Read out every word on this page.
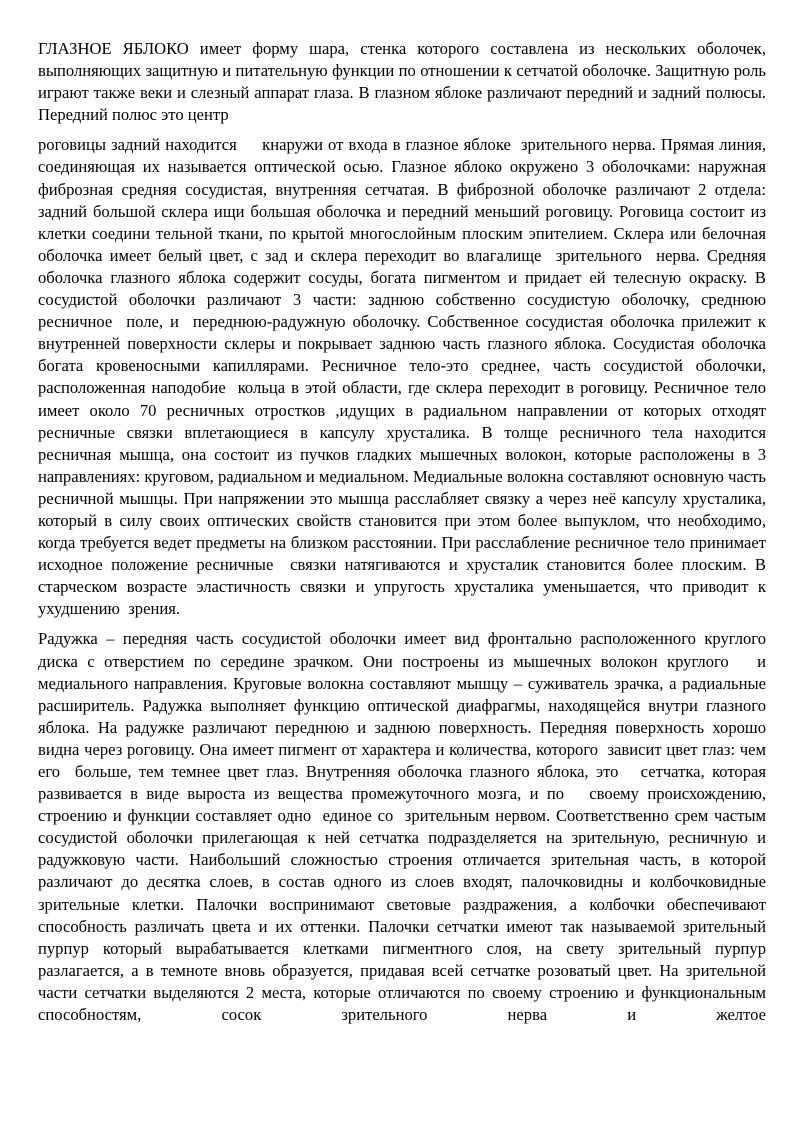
ГЛАЗНОЕ ЯБЛОКО имеет форму шара, стенка которого составлена из нескольких оболочек, выполняющих защитную и питательную функции по отношении к сетчатой оболочке. Защитную роль играют также веки и слезный аппарат глаза. В глазном яблоке различают передний и задний полюсы. Передний полюс это центр

роговицы задний находится     кнаружи от входа в глазное яблоке  зрительного нерва. Прямая линия, соединяющая их называется оптической осью. Глазное яблоко окружено 3 оболочками: наружная фиброзная средняя сосудистая, внутренняя сетчатая. В фиброзной оболочке различают 2 отдела: задний большой склера ищи большая оболочка и передний меньший роговицу. Роговица состоит из клетки соедини тельной ткани, по крытой многослойным плоским эпителием. Склера или белочная оболочка имеет белый цвет, с зад и склера переходит во влагалище  зрительного  нерва. Средняя оболочка глазного яблока содержит сосуды, богата пигментом и придает ей телесную окраску. В сосудистой оболочки различают 3 части: заднюю собственно сосудистую оболочку, среднюю ресничное  поле, и  переднюю-радужную оболочку. Собственное сосудистая оболочка прилежит к внутренней поверхности склеры и покрывает заднюю часть глазного яблока. Сосудистая оболочка богата кровеносными капиллярами. Ресничное тело-это среднее, часть сосудистой оболочки, расположенная наподобие  кольца в этой области, где склера переходит в роговицу. Ресничное тело  имеет около 70 ресничных отростков ,идущих в радиальном направлении от которых отходят ресничные связки вплетающиеся в капсулу хрусталика. В толще ресничного тела находится ресничная мышца, она состоит из пучков гладких мышечных волокон, которые расположены в 3 направлениях: круговом, радиальном и медиальном. Медиальные волокна составляют основную часть ресничной мышцы. При напряжении это мышца расслабляет связку а через неё капсулу хрусталика, который в силу своих оптических свойств становится при этом более выпуклом, что необходимо, когда требуется ведет предметы на близком расстоянии. При расслабление ресничное тело принимает исходное положение ресничные  связки натягиваются и хрусталик становится более плоским. В старческом возрасте эластичность связки и упругость хрусталика уменьшается, что приводит к ухудшению  зрения.

Радужка – передняя часть сосудистой оболочки имеет вид фронтально расположенного круглого диска с отверстием по середине зрачком. Они построены из мышечных волокон круглого   и медиального направления. Круговые волокна составляют мышцу – суживатель зрачка, а радиальные расширитель. Радужка выполняет функцию оптической диафрагмы, находящейся внутри глазного яблока. На радужке различают переднюю и заднюю поверхность. Передняя поверхность хорошо видна через роговицу. Она имеет пигмент от характера и количества, которого  зависит цвет глаз: чем его  больше, тем темнее цвет глаз. Внутренняя оболочка глазного яблока, это   сетчатка, которая развивается в виде выроста из вещества промежуточного мозга, и по   своему происхождению, строению и функции составляет одно  единое со  зрительным нервом. Соответственно срем частым сосудистой оболочки прилегающая к ней сетчатка подразделяется на зрительную, ресничную и радужковую части. Наибольший сложностью строения отличается зрительная часть, в которой различают до десятка слоев, в состав одного из слоев входят, палочковидны и колбочковидные  зрительные клетки. Палочки воспринимают световые раздражения, а колбочки обеспечивают способность различать цвета и их оттенки. Палочки сетчатки имеют так называемой зрительный пурпур который вырабатывается клетками пигментного слоя, на свету зрительный пурпур разлагается, а в темноте вновь образуется, придавая всей сетчатке розоватый цвет. На зрительной части сетчатки выделяются 2 места, которые отличаются по своему строению и функциональным способностям, сосок зрительного нерва и желтое
